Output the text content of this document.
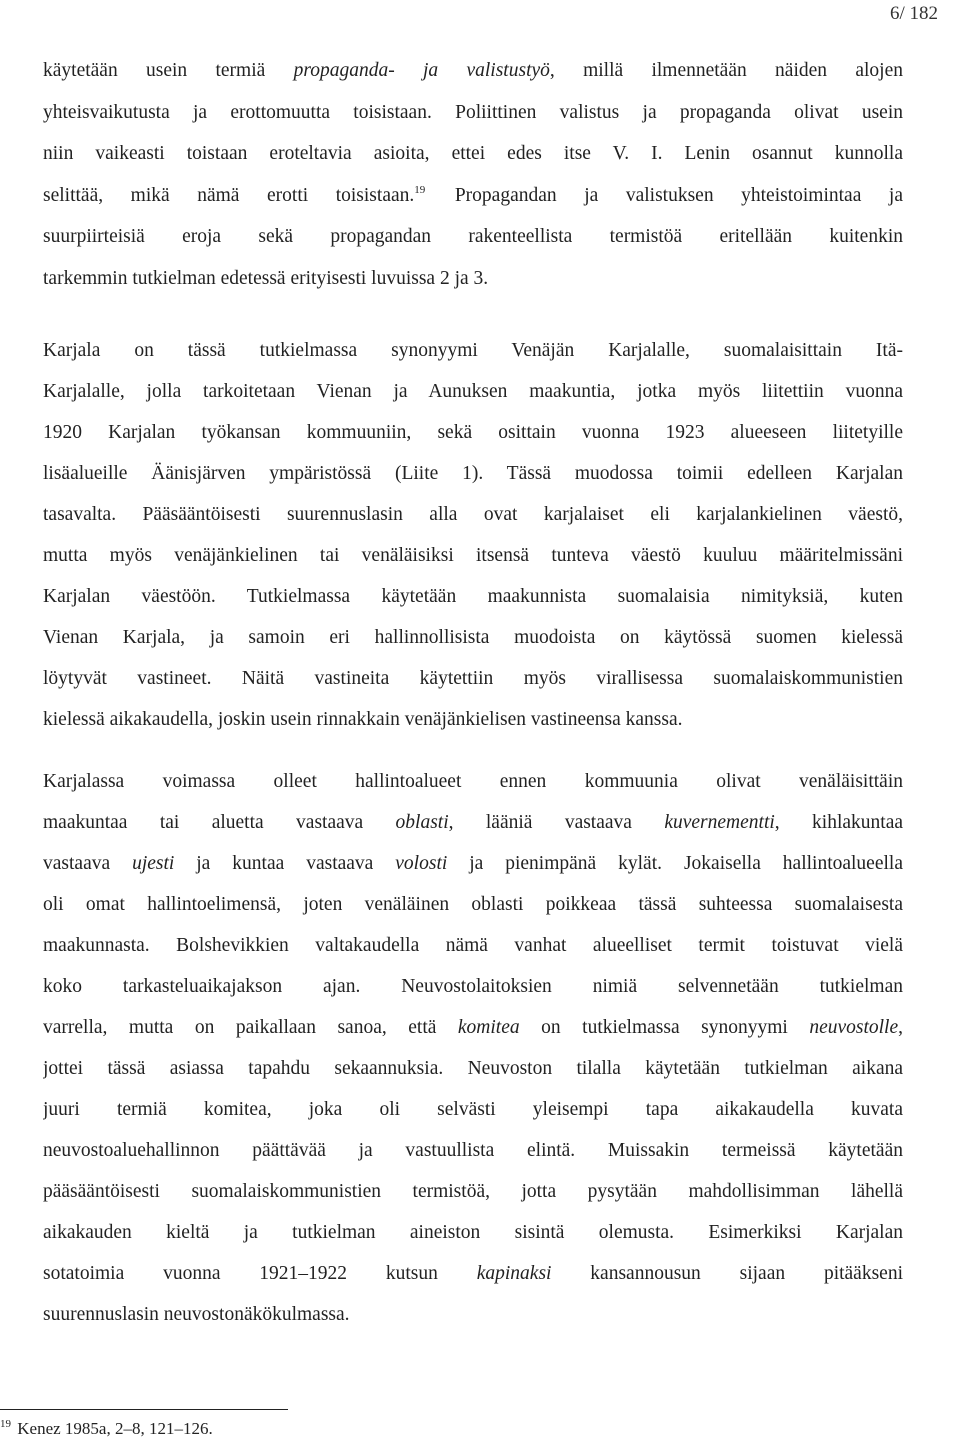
6/ 182
käytetään usein termiä propaganda- ja valistustyö, millä ilmennetään näiden alojen
yhteisvaikutusta ja erottomuutta toisistaan. Poliittinen valistus ja propaganda olivat usein
niin vaikeasti toistaan eroteltavia asioita, ettei edes itse V. I. Lenin osannut kunnolla
selittää, mikä nämä erotti toisistaan.$^{19}$ Propagandan ja valistuksen yhteistoimintaa ja
suurpiirteisiä eroja sekä propagandan rakenteellista termistöä eritellään kuitenkin
tarkemmin tutkielman edetessä erityisesti luvuissa 2 ja 3.
Karjala on tässä tutkielmassa synonyymi Venäjän Karjalalle, suomalaisittain Itä-
Karjalalle, jolla tarkoitetaan Vienan ja Aunuksen maakuntia, jotka myös liitettiin vuonna
1920 Karjalan työkansan kommuuniin, sekä osittain vuonna 1923 alueeseen liitetyille
lisäalueille Äänisjärven ympäristössä (Liite 1). Tässä muodossa toimii edelleen Karjalan
tasavalta. Pääsääntöisesti suurennuslasin alla ovat karjalaiset eli karjalankielinen väestö,
mutta myös venäjänkielinen tai venäläisiksi itsensä tunteva väestö kuuluu määritelmissäni
Karjalan väestöön. Tutkielmassa käytetään maakunnista suomalaisia nimityksiä, kuten
Vienan Karjala, ja samoin eri hallinnollisista muodoista on käytössä suomen kielessä
löytyvät vastineet. Näitä vastineita käytettiin myös virallisessa suomalaiskommunistien
kielessä aikakaudella, joskin usein rinnakkain venäjänkielisen vastineensa kanssa.
Karjalassa voimassa olleet hallintoalueet ennen kommuunia olivat venäläisittäin
maakuntaa tai aluetta vastaava oblasti, lääniä vastaava kuvernementti, kihlakuntaa
vastaava ujesti ja kuntaa vastaava volosti ja pienimpänä kylät. Jokaisella hallintoalueella
oli omat hallintoelimensä, joten venäläinen oblasti poikkeaa tässä suhteessa suomalaisesta
maakunnasta. Bolshevikkien valtakaudella nämä vanhat alueelliset termit toistuvat vielä
koko tarkasteluaikajakson ajan. Neuvostolaitoksien nimiä selvennetään tutkielman
varrella, mutta on paikallaan sanoa, että komitea on tutkielmassa synonyymi neuvostolle,
jottei tässä asiassa tapahdu sekaannuksia. Neuvoston tilalla käytetään tutkielman aikana
juuri termiä komitea, joka oli selvästi yleisempi tapa aikakaudella kuvata
neuvostoaluehallinnon päättävää ja vastuullista elintä. Muissakin termeissä käytetään
pääsääntöisesti suomalaiskommunistien termistöä, jotta pysytään mahdollisimman lähellä
aikakauden kieltä ja tutkielman aineiston sisintä olemusta. Esimerkiksi Karjalan
sotatoimia vuonna 1921–1922 kutsun kapinaksi kansannousun sijaan pitääkseni
suurennuslasin neuvostonäkökulmassa.
$^{19}$ Kenez 1985a, 2–8, 121–126.
